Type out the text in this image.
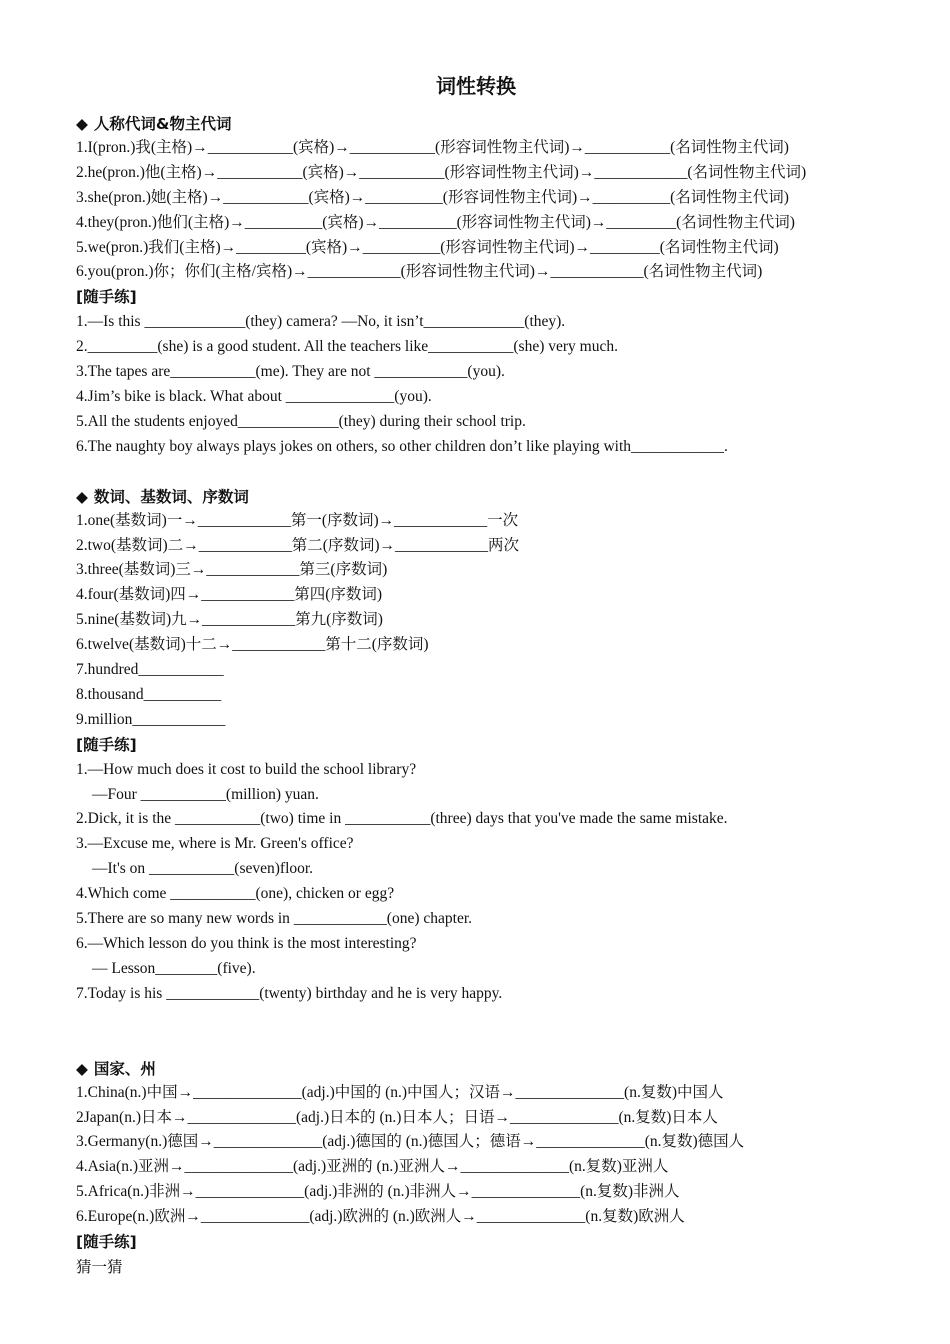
词性转换
◆ 人称代词&物主代词
1.I(pron.)我(主格)→___________(宾格)→___________(形容词性物主代词)→___________(名词性物主代词)
2.he(pron.)他(主格)→___________(宾格)→___________(形容词性物主代词)→____________(名词性物主代词)
3.she(pron.)她(主格)→___________(宾格)→__________(形容词性物主代词)→__________(名词性物主代词)
4.they(pron.)他们(主格)→__________(宾格)→__________(形容词性物主代词)→_________(名词性物主代词)
5.we(pron.)我们(主格)→_________(宾格)→__________(形容词性物主代词)→_________(名词性物主代词)
6.you(pron.)你；你们(主格/宾格)→____________(形容词性物主代词)→____________(名词性物主代词)
[随手练]
1.—Is this _____________(they) camera? —No, it isn’t_____________(they).
2._________(she) is a good student. All the teachers like___________(she) very much.
3.The tapes are___________(me). They are not ____________(you).
4.Jim’s bike is black. What about ______________(you).
5.All the students enjoyed_____________(they) during their school trip.
6.The naughty boy always plays jokes on others, so other children don’t like playing with____________.
◆ 数词、基数词、序数词
1.one(基数词)一→____________第一(序数词)→____________一次
2.two(基数词)二→____________第二(序数词)→____________两次
3.three(基数词)三→____________第三(序数词)
4.four(基数词)四→____________第四(序数词)
5.nine(基数词)九→____________第九(序数词)
6.twelve(基数词)十二→____________第十二(序数词)
7.hundred___________
8.thousand__________
9.million____________
[随手练]
1.—How much does it cost to build the school library?
—Four ___________(million) yuan.
2.Dick, it is the ___________(two) time in ___________(three) days that you've made the same mistake.
3.—Excuse me, where is Mr. Green's office?
—It's on ___________(seven)floor.
4.Which come ___________(one), chicken or egg?
5.There are so many new words in ____________(one) chapter.
6.—Which lesson do you think is the most interesting?
— Lesson________(five).
7.Today is his ____________(twenty) birthday and he is very happy.
◆ 国家、州
1.China(n.)中国→______________(adj.)中国的 (n.)中国人；汉语→______________(n.复数)中国人
2Japan(n.)日本→______________(adj.)日本的 (n.)日本人；日语→______________(n.复数)日本人
3.Germany(n.)德国→______________(adj.)德国的 (n.)德国人；德语→______________(n.复数)德国人
4.Asia(n.)亚洲→______________(adj.)亚洲的 (n.)亚洲人→______________(n.复数)亚洲人
5.Africa(n.)非洲→______________(adj.)非洲的 (n.)非洲人→______________(n.复数)非洲人
6.Europe(n.)欧洲→______________(adj.)欧洲的 (n.)欧洲人→______________(n.复数)欧洲人
[随手练]
猜一猜
